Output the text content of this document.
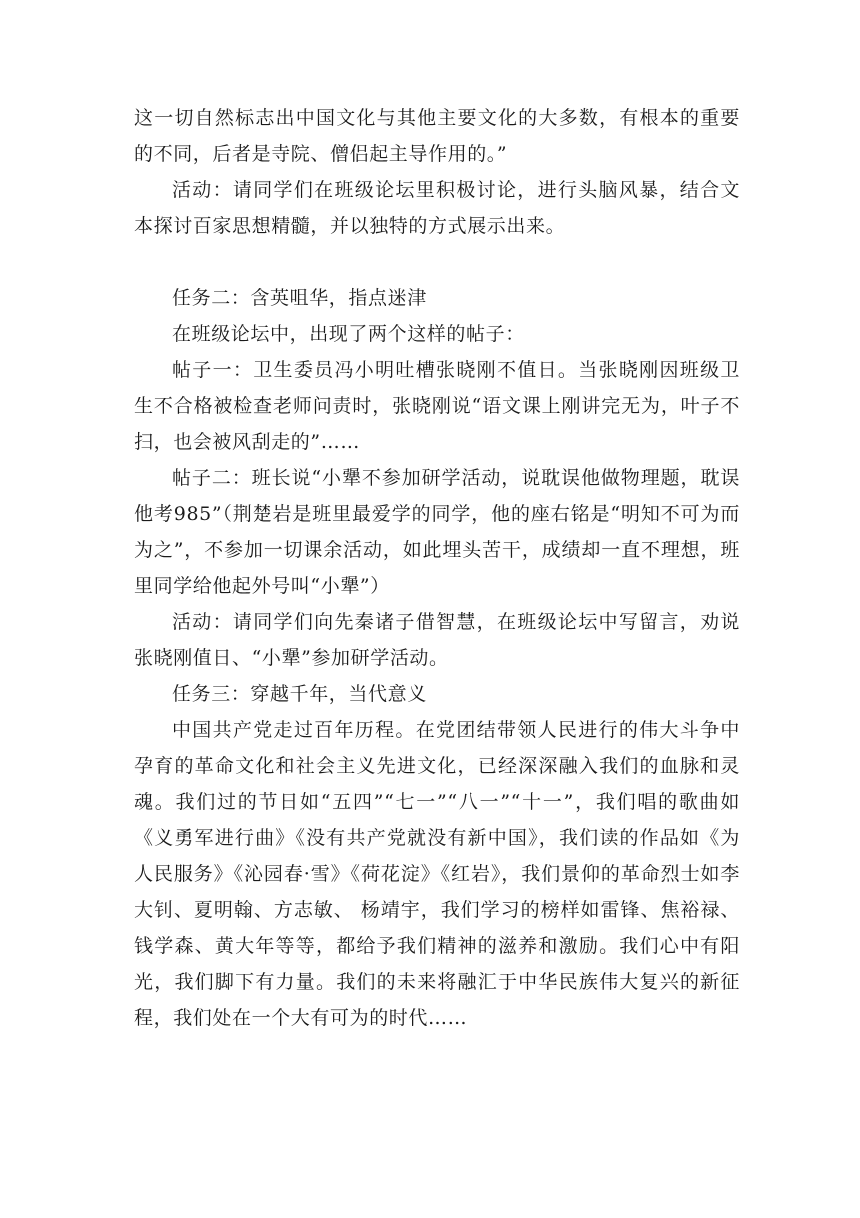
这一切自然标志出中国文化与其他主要文化的大多数，有根本的重要的不同，后者是寺院、僧侣起主导作用的。”

活动：请同学们在班级论坛里积极讨论，进行头脑风暴，结合文本探讨百家思想精髓，并以独特的方式展示出来。

任务二：含英咀华，指点迷津

在班级论坛中，出现了两个这样的帖子：

帖子一：卫生委员冯小明吐槽张晓刚不值日。当张晓刚因班级卫生不合格被检查老师问责时，张晓刚说“语文课上刚讲完无为，叶子不扫，也会被风刮走的”……

帖子二：班长说“小犟不参加研学活动，说耽误他做物理题，耽误他考985”（荆楚岩是班里最爱学的同学，他的座右铭是“明知不可为而为之”，不参加一切课余活动，如此埋头苦干，成绩却一直不理想，班里同学给他起外号叫“小犟”）

活动：请同学们向先秦诸子借智慧，在班级论坛中写留言，劝说张晓刚值日、“小犟”参加研学活动。

任务三：穿越千年，当代意义

中国共产党走过百年历程。在党团结带领人民进行的伟大斗争中孕育的革命文化和社会主义先进文化，已经深深融入我们的血脉和灵魂。我们过的节日如“五四”“七一”“八一”“十一”，我们唱的歌曲如《义勇军进行曲》《没有共产党就没有新中国》，我们读的作品如《为人民服务》《沁园春·雪》《荷花淀》《红岩》，我们景仰的革命烈士如李大钊、夏明翰、方志敏、 杨靖宇，我们学习的榜样如雷锋、焦裕禄、钱学森、黄大年等等，都给予我们精神的滋养和激励。我们心中有阳光，我们脚下有力量。我们的未来将融汇于中华民族伟大复兴的新征程，我们处在一个大有可为的时代……
